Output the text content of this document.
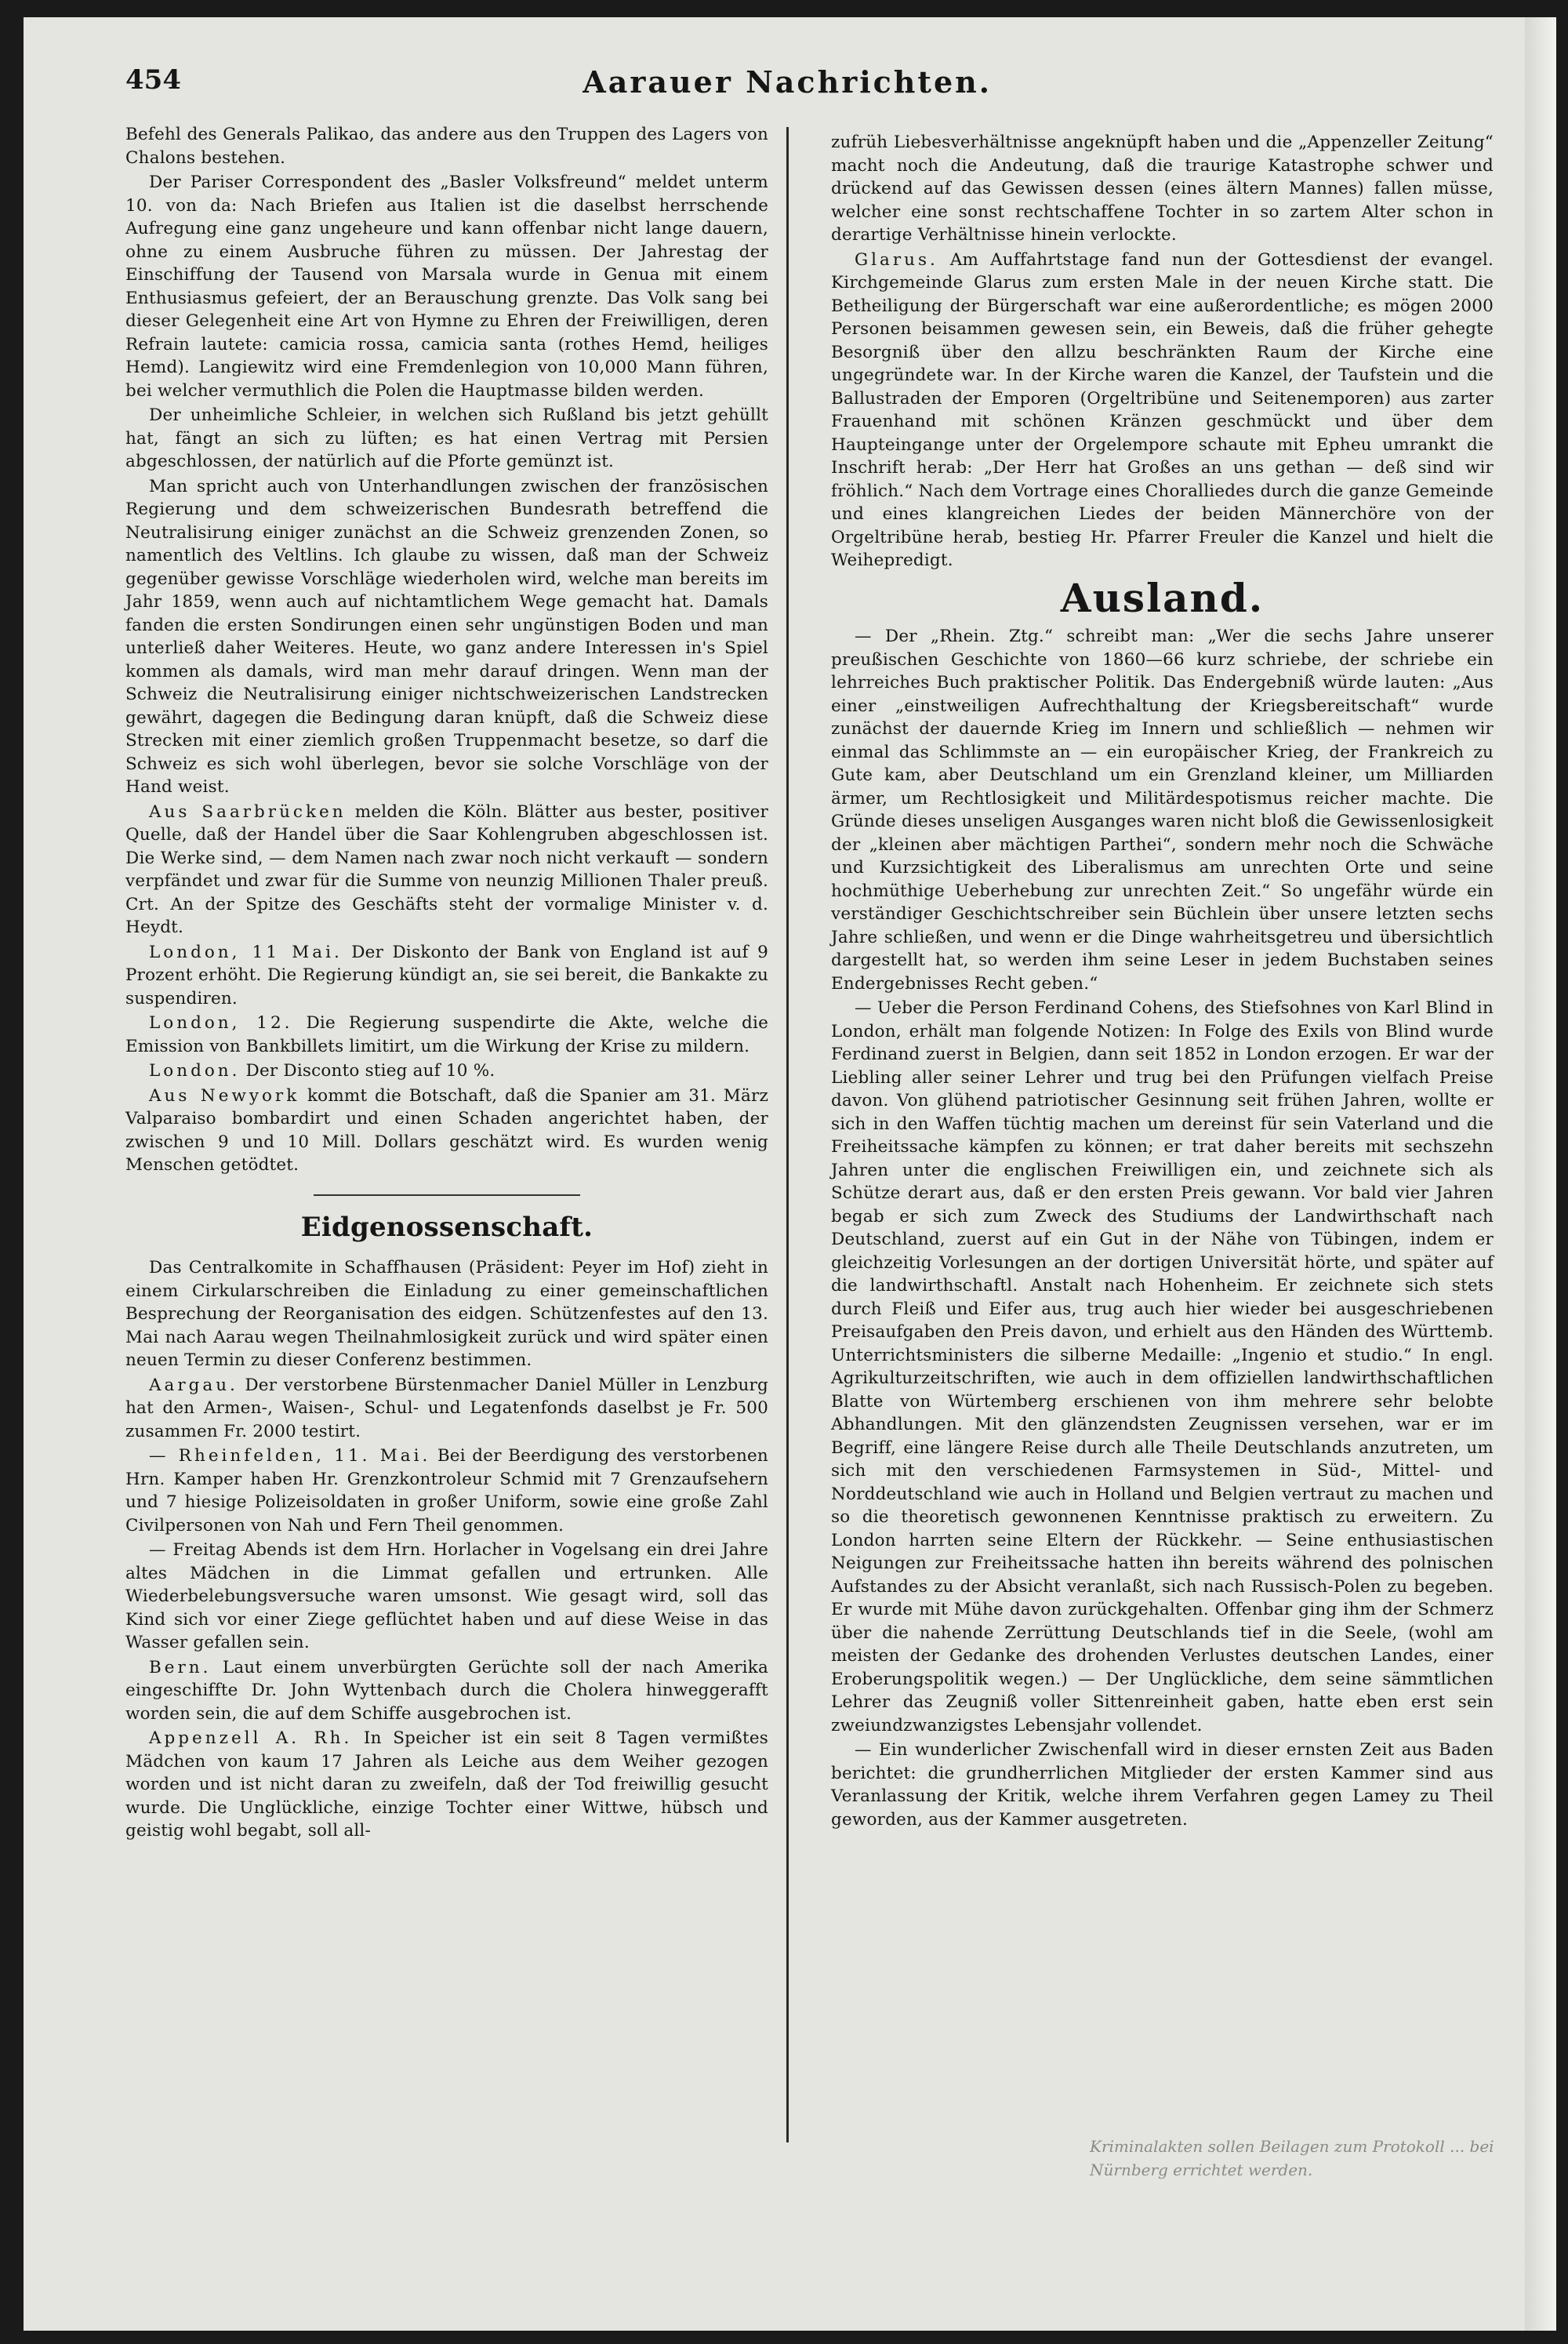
454	Aarauer Nachrichten.

Befehl des Generals Palikao, das andere aus den Truppen des Lagers von Chalons bestehen.

Der Pariser Correspondent des „Basler Volksfreund“ meldet unterm 10. von da: Nach Briefen aus Italien ist die daselbst herrschende Aufregung eine ganz ungeheure und kann offenbar nicht lange dauern, ohne zu einem Ausbruche führen zu müssen. Der Jahrestag der Einschiffung der Tausend von Marsala wurde in Genua mit einem Enthusiasmus gefeiert, der an Berauschung grenzte. Das Volk sang bei dieser Gelegenheit eine Art von Hymne zu Ehren der Freiwilligen, deren Refrain lautete: camicia rossa, camicia santa (rothes Hemd, heiliges Hemd). Langiewitz wird eine Fremdenlegion von 10,000 Mann führen, bei welcher vermuthlich die Polen die Hauptmasse bilden werden.

Der unheimliche Schleier, in welchen sich Rußland bis jetzt gehüllt hat, fängt an sich zu lüften; es hat einen Vertrag mit Persien abgeschlossen, der natürlich auf die Pforte gemünzt ist.

Man spricht auch von Unterhandlungen zwischen der französischen Regierung und dem schweizerischen Bundesrath betreffend die Neutralisirung einiger zunächst an die Schweiz grenzenden Zonen, so namentlich des Veltlins. Ich glaube zu wissen, daß man der Schweiz gegenüber gewisse Vorschläge wiederholen wird, welche man bereits im Jahr 1859, wenn auch auf nichtamtlichem Wege gemacht hat. Damals fanden die ersten Sondirungen einen sehr ungünstigen Boden und man unterließ daher Weiteres. Heute, wo ganz andere Interessen in's Spiel kommen als damals, wird man mehr darauf dringen. Wenn man der Schweiz die Neutralisirung einiger nichtschweizerischen Landstrecken gewährt, dagegen die Bedingung daran knüpft, daß die Schweiz diese Strecken mit einer ziemlich großen Truppenmacht besetze, so darf die Schweiz es sich wohl überlegen, bevor sie solche Vorschläge von der Hand weist.

Aus Saarbrücken melden die Köln. Blätter aus bester, positiver Quelle, daß der Handel über die Saar Kohlengruben abgeschlossen ist. Die Werke sind, — dem Namen nach zwar noch nicht verkauft — sondern verpfändet und zwar für die Summe von neunzig Millionen Thaler preuß. Crt. An der Spitze des Geschäfts steht der vormalige Minister v. d. Heydt.

London, 11 Mai. Der Diskonto der Bank von England ist auf 9 Prozent erhöht. Die Regierung kündigt an, sie sei bereit, die Bankakte zu suspendiren.

London, 12. Die Regierung suspendirte die Akte, welche die Emission von Bankbillets limitirt, um die Wirkung der Krise zu mildern.

London. Der Disconto stieg auf 10 %.

Aus Newyork kommt die Botschaft, daß die Spanier am 31. März Valparaiso bombardirt und einen Schaden angerichtet haben, der zwischen 9 und 10 Mill. Dollars geschätzt wird. Es wurden wenig Menschen getödtet.

Eidgenossenschaft.

Das Centralkomite in Schaffhausen (Präsident: Peyer im Hof) zieht in einem Cirkularschreiben die Einladung zu einer gemeinschaftlichen Besprechung der Reorganisation des eidgen. Schützenfestes auf den 13. Mai nach Aarau wegen Theilnahmlosigkeit zurück und wird später einen neuen Termin zu dieser Conferenz bestimmen.

Aargau. Der verstorbene Bürstenmacher Daniel Müller in Lenzburg hat den Armen-, Waisen-, Schul- und Legatenfonds daselbst je Fr. 500 zusammen Fr. 2000 testirt.

— Rheinfelden, 11. Mai. Bei der Beerdigung des verstorbenen Hrn. Kamper haben Hr. Grenzkontroleur Schmid mit 7 Grenzaufsehern und 7 hiesige Polizeisoldaten in großer Uniform, sowie eine große Zahl Civilpersonen von Nah und Fern Theil genommen.

— Freitag Abends ist dem Hrn. Horlacher in Vogelsang ein drei Jahre altes Mädchen in die Limmat gefallen und ertrunken. Alle Wiederbelebungsversuche waren umsonst. Wie gesagt wird, soll das Kind sich vor einer Ziege geflüchtet haben und auf diese Weise in das Wasser gefallen sein.

Bern. Laut einem unverbürgten Gerüchte soll der nach Amerika eingeschiffte Dr. John Wyttenbach durch die Cholera hinweggerafft worden sein, die auf dem Schiffe ausgebrochen ist.

Appenzell A. Rh. In Speicher ist ein seit 8 Tagen vermißtes Mädchen von kaum 17 Jahren als Leiche aus dem Weiher gezogen worden und ist nicht daran zu zweifeln, daß der Tod freiwillig gesucht wurde. Die Unglückliche, einzige Tochter einer Wittwe, hübsch und geistig wohl begabt, soll all-

zufrüh Liebesverhältnisse angeknüpft haben und die „Appenzeller Zeitung“ macht noch die Andeutung, daß die traurige Katastrophe schwer und drückend auf das Gewissen dessen (eines ältern Mannes) fallen müsse, welcher eine sonst rechtschaffene Tochter in so zartem Alter schon in derartige Verhältnisse hinein verlockte.

Glarus. Am Auffahrtstage fand nun der Gottesdienst der evangel. Kirchgemeinde Glarus zum ersten Male in der neuen Kirche statt. Die Betheiligung der Bürgerschaft war eine außerordentliche; es mögen 2000 Personen beisammen gewesen sein, ein Beweis, daß die früher gehegte Besorgniß über den allzu beschränkten Raum der Kirche eine ungegründete war. In der Kirche waren die Kanzel, der Taufstein und die Ballustraden der Emporen (Orgeltribüne und Seitenemporen) aus zarter Frauenhand mit schönen Kränzen geschmückt und über dem Haupteingange unter der Orgelempore schaute mit Epheu umrankt die Inschrift herab: „Der Herr hat Großes an uns gethan — deß sind wir fröhlich.“ Nach dem Vortrage eines Choralliedes durch die ganze Gemeinde und eines klangreichen Liedes der beiden Männerchöre von der Orgeltribüne herab, bestieg Hr. Pfarrer Freuler die Kanzel und hielt die Weihepredigt.

Ausland.

— Der „Rhein. Ztg.“ schreibt man: „Wer die sechs Jahre unserer preußischen Geschichte von 1860—66 kurz schriebe, der schriebe ein lehrreiches Buch praktischer Politik. Das Endergebniß würde lauten: „Aus einer „einstweiligen Aufrechthaltung der Kriegsbereitschaft“ wurde zunächst der dauernde Krieg im Innern und schließlich — nehmen wir einmal das Schlimmste an — ein europäischer Krieg, der Frankreich zu Gute kam, aber Deutschland um ein Grenzland kleiner, um Milliarden ärmer, um Rechtlosigkeit und Militärdespotismus reicher machte. Die Gründe dieses unseligen Ausganges waren nicht bloß die Gewissenlosigkeit der „kleinen aber mächtigen Parthei“, sondern mehr noch die Schwäche und Kurzsichtigkeit des Liberalismus am unrechten Orte und seine hochmüthige Ueberhebung zur unrechten Zeit.“ So ungefähr würde ein verständiger Geschichtschreiber sein Büchlein über unsere letzten sechs Jahre schließen, und wenn er die Dinge wahrheitsgetreu und übersichtlich dargestellt hat, so werden ihm seine Leser in jedem Buchstaben seines Endergebnisses Recht geben.“

— Ueber die Person Ferdinand Cohens, des Stiefsohnes von Karl Blind in London, erhält man folgende Notizen: In Folge des Exils von Blind wurde Ferdinand zuerst in Belgien, dann seit 1852 in London erzogen. Er war der Liebling aller seiner Lehrer und trug bei den Prüfungen vielfach Preise davon. Von glühend patriotischer Gesinnung seit frühen Jahren, wollte er sich in den Waffen tüchtig machen um dereinst für sein Vaterland und die Freiheitssache kämpfen zu können; er trat daher bereits mit sechszehn Jahren unter die englischen Freiwilligen ein, und zeichnete sich als Schütze derart aus, daß er den ersten Preis gewann. Vor bald vier Jahren begab er sich zum Zweck des Studiums der Landwirthschaft nach Deutschland, zuerst auf ein Gut in der Nähe von Tübingen, indem er gleichzeitig Vorlesungen an der dortigen Universität hörte, und später auf die landwirthschaftl. Anstalt nach Hohenheim. Er zeichnete sich stets durch Fleiß und Eifer aus, trug auch hier wieder bei ausgeschriebenen Preisaufgaben den Preis davon, und erhielt aus den Händen des Württemb. Unterrichtsministers die silberne Medaille: „Ingenio et studio.“ In engl. Agrikulturzeitschriften, wie auch in dem offiziellen landwirthschaftlichen Blatte von Würtemberg erschienen von ihm mehrere sehr belobte Abhandlungen. Mit den glänzendsten Zeugnissen versehen, war er im Begriff, eine längere Reise durch alle Theile Deutschlands anzutreten, um sich mit den verschiedenen Farmsystemen in Süd-, Mittel- und Norddeutschland wie auch in Holland und Belgien vertraut zu machen und so die theoretisch gewonnenen Kenntnisse praktisch zu erweitern. Zu London harrten seine Eltern der Rückkehr. — Seine enthusiastischen Neigungen zur Freiheitssache hatten ihn bereits während des polnischen Aufstandes zu der Absicht veranlaßt, sich nach Russisch-Polen zu begeben. Er wurde mit Mühe davon zurückgehalten. Offenbar ging ihm der Schmerz über die nahende Zerrüttung Deutschlands tief in die Seele, (wohl am meisten der Gedanke des drohenden Verlustes deutschen Landes, einer Eroberungspolitik wegen.) — Der Unglückliche, dem seine sämmtlichen Lehrer das Zeugniß voller Sittenreinheit gaben, hatte eben erst sein zweiundzwanzigstes Lebensjahr vollendet.

— Ein wunderlicher Zwischenfall wird in dieser ernsten Zeit aus Baden berichtet: die grundherrlichen Mitglieder der ersten Kammer sind aus Veranlassung der Kritik, welche ihrem Verfahren gegen Lamey zu Theil geworden, aus der Kammer ausgetreten.

Kriminalakten sollen Beilagen zum Protokoll ... bei Nürnberg errichtet werden.
